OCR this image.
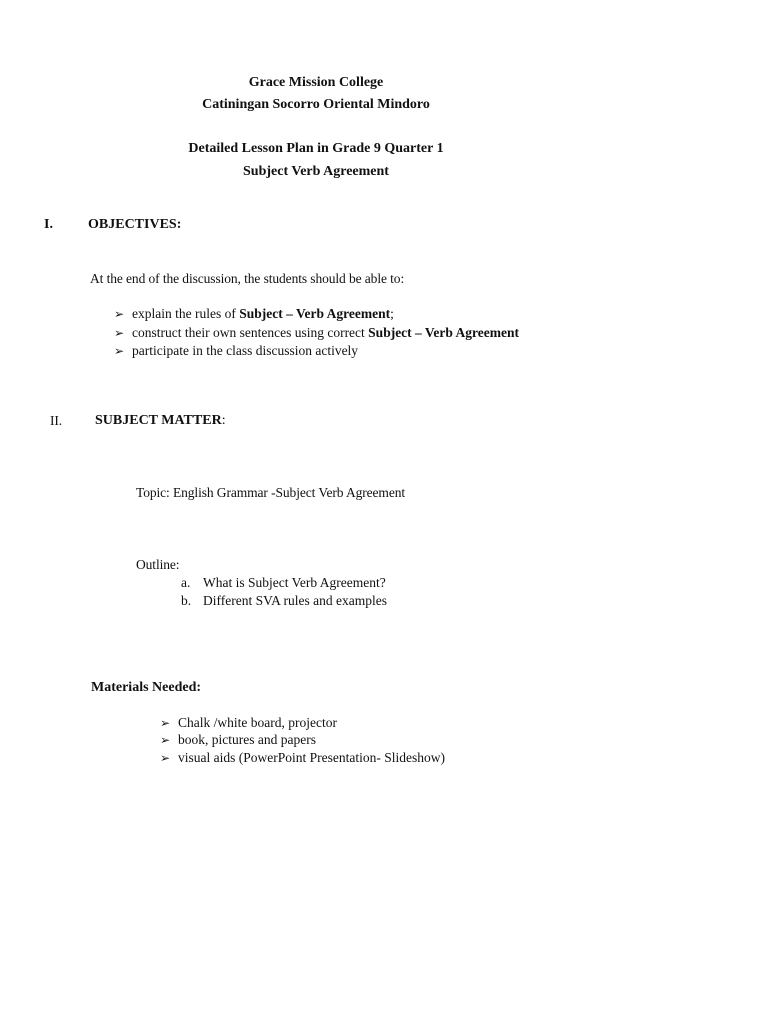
Grace Mission College
Catiningan Socorro Oriental Mindoro
Detailed Lesson Plan in Grade 9 Quarter 1
Subject Verb Agreement
I.	OBJECTIVES:
At the end of the discussion, the students should be able to:
➢ explain the rules of Subject – Verb Agreement;
➢ construct their own sentences using correct Subject – Verb Agreement
➢ participate in the class discussion actively
II. SUBJECT MATTER:
Topic: English Grammar -Subject Verb Agreement
Outline:
a. What is Subject Verb Agreement?
b. Different SVA rules and examples
Materials Needed:
➢ Chalk /white board, projector
➢ book, pictures and papers
➢ visual aids (PowerPoint Presentation- Slideshow)
